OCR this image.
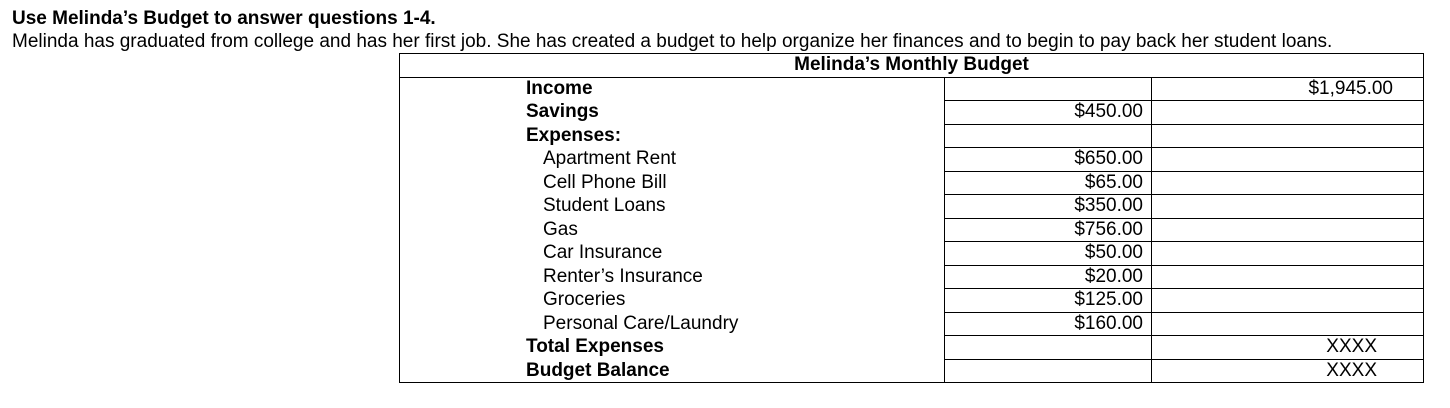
Use Melinda’s Budget to answer questions 1-4.
Melinda has graduated from college and has her first job. She has created a budget to help organize her finances and to begin to pay back her student loans.
Melinda’s Monthly Budget		
Income		$1,945.00
Savings	$450.00	
Expenses:		
Apartment Rent	$650.00	
Cell Phone Bill	$65.00	
Student Loans	$350.00	
Gas	$756.00	
Car Insurance	$50.00	
Renter’s Insurance	$20.00	
Groceries	$125.00	
Personal Care/Laundry	$160.00	
Total Expenses		XXXX
Budget Balance		XXXX
